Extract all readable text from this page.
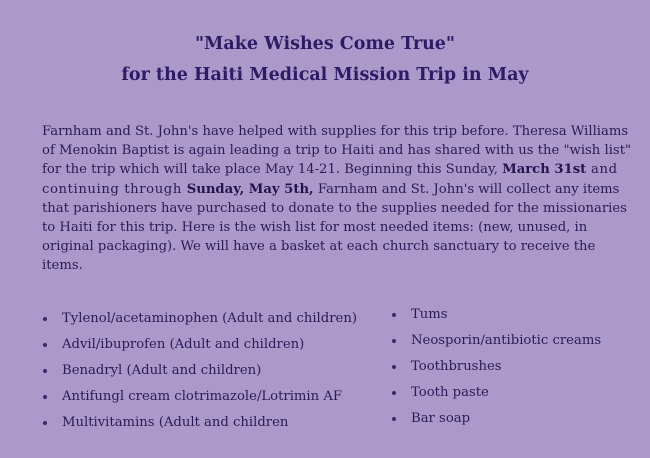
"Make Wishes Come True"
for the Haiti Medical Mission Trip in May
Farnham and St. John's have helped with supplies for this trip before. Theresa Williams of Menokin Baptist is again leading a trip to Haiti and has shared with us the "wish list" for the trip which will take place May 14-21. Beginning this Sunday, March 31st and continuing through Sunday, May 5th, Farnham and St. John's will collect any items that parishioners have purchased to donate to the supplies needed for the missionaries to Haiti for this trip. Here is the wish list for most needed items: (new, unused, in original packaging). We will have a basket at each church sanctuary to receive the items.
Tylenol/acetaminophen (Adult and children)
Advil/ibuprofen (Adult and children)
Benadryl (Adult and children)
Antifungl cream clotrimazole/Lotrimin AF
Multivitamins (Adult and children
Tums
Neosporin/antibiotic creams
Toothbrushes
Tooth paste
Bar soap
